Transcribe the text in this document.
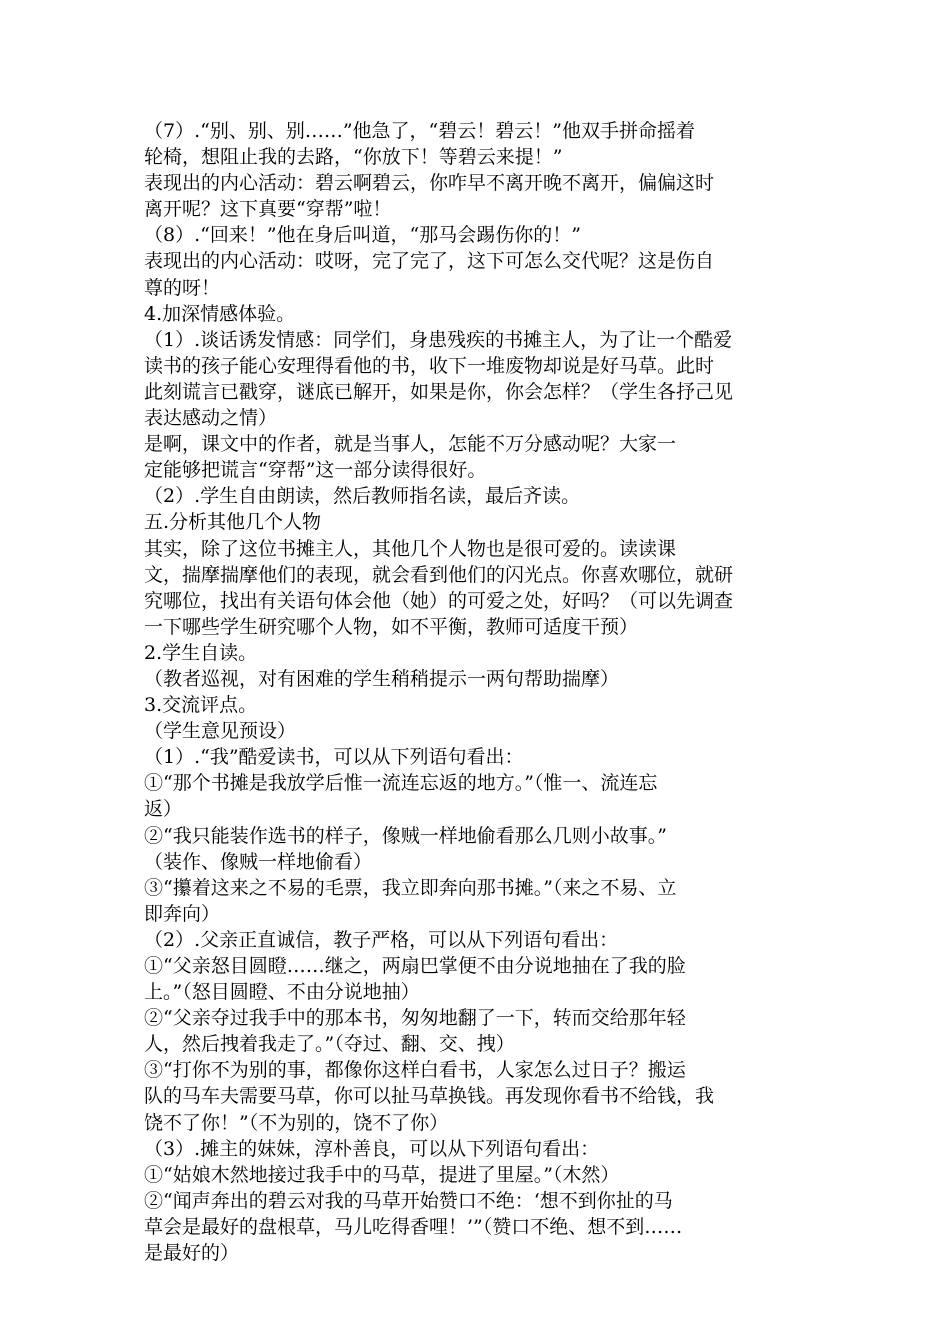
（7）.“别、别、别……”他急了，“碧云！碧云！”他双手拼命摇着
轮椅，想阻止我的去路，“你放下！等碧云来提！”
表现出的内心活动：碧云啊碧云，你咋早不离开晚不离开，偏偏这时
离开呢？这下真要“穿帮”啦！
（8）.“回来！”他在身后叫道，“那马会踢伤你的！”
表现出的内心活动：哎呀，完了完了，这下可怎么交代呢？这是伤自
尊的呀！
4.加深情感体验。
（1）.谈话诱发情感：同学们，身患残疾的书摊主人，为了让一个酷爱
读书的孩子能心安理得看他的书，收下一堆废物却说是好马草。此时
此刻谎言已戳穿，谜底已解开，如果是你，你会怎样？（学生各抒己见
表达感动之情）
是啊，课文中的作者，就是当事人，怎能不万分感动呢？大家一
定能够把谎言“穿帮”这一部分读得很好。
（2）.学生自由朗读，然后教师指名读，最后齐读。
五.分析其他几个人物
其实，除了这位书摊主人，其他几个人物也是很可爱的。读读课
文，揣摩揣摩他们的表现，就会看到他们的闪光点。你喜欢哪位，就研
究哪位，找出有关语句体会他（她）的可爱之处，好吗？（可以先调查
一下哪些学生研究哪个人物，如不平衡，教师可适度干预）
2.学生自读。
（教者巡视，对有困难的学生稍稍提示一两句帮助揣摩）
3.交流评点。
（学生意见预设）
（1）.“我”酷爱读书，可以从下列语句看出：
①“那个书摊是我放学后惟一流连忘返的地方。”（惟一、流连忘
返）
②“我只能装作选书的样子，像贼一样地偷看那么几则小故事。”
（装作、像贼一样地偷看）
③“攥着这来之不易的毛票，我立即奔向那书摊。”（来之不易、立
即奔向）
（2）.父亲正直诚信，教子严格，可以从下列语句看出：
①“父亲怒目圆瞪……继之，两扇巴掌便不由分说地抽在了我的脸
上。”（怒目圆瞪、不由分说地抽）
②“父亲夺过我手中的那本书，匆匆地翻了一下，转而交给那年轻
人，然后拽着我走了。”（夺过、翻、交、拽）
③“打你不为别的事，都像你这样白看书，人家怎么过日子？搬运
队的马车夫需要马草，你可以扯马草换钱。再发现你看书不给钱，我
饶不了你！”（不为别的，饶不了你）
（3）.摊主的妹妹，淳朴善良，可以从下列语句看出：
①“姑娘木然地接过我手中的马草，提进了里屋。”（木然）
②“闻声奔出的碧云对我的马草开始赞口不绝：‘想不到你扯的马
草会是最好的盘根草，马儿吃得香哩！’”（赞口不绝、想不到……
是最好的）
